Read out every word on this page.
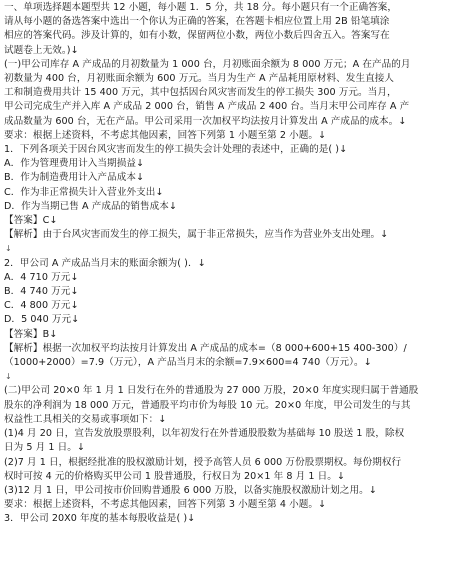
一、单项选择题本题型共 12 小题，每小题 1．5 分，共 18 分。每小题只有一个正确答案，
请从每小题的备选答案中选出一个你认为正确的答案，在答题卡相应位置上用 2B 铅笔填涂
相应的答案代码。涉及计算的，如有小数，保留两位小数，两位小数后四舍五入。答案写在
试题卷上无效。)↓
(一)甲公司库存 A 产成品的月初数量为 1 000 台，月初账面余额为 8 000 万元；A 在产品的月
初数量为 400 台，月初账面余额为 600 万元。当月为生产 A 产品耗用原材料、发生直接人
工和制造费用共计 15 400 万元，其中包括因台风灾害而发生的停工损失 300 万元。当月，
甲公司完成生产并入库 A 产成品 2 000 台，销售 A 产成品 2 400 台。当月末甲公司库存 A 产
成品数量为 600 台，无在产品。甲公司采用一次加权平均法按月计算发出 A 产成品的成本。↓
要求：根据上述资料，不考虑其他因素，回答下列第 1 小题至第 2 小题。↓
1．下列各项关于因台风灾害而发生的停工损失会计处理的表述中，正确的是( )↓
A．作为管理费用计入当期损益↓
B．作为制造费用计入产品成本↓
C．作为非正常损失计入营业外支出↓
D．作为当期已售 A 产成品的销售成本↓
【答案】C↓
【解析】由于台风灾害而发生的停工损失，属于非正常损失，应当作为营业外支出处理。↓
↓
2．甲公司 A 产成品当月末的账面余额为( )．↓
A．4 710 万元↓
B．4 740 万元↓
C．4 800 万元↓
D．5 040 万元↓
【答案】B↓
【解析】根据一次加权平均法按月计算发出 A 产成品的成本=（8 000+600+15 400-300）/
（1000+2000）=7.9（万元），A 产品当月末的余额=7.9×600=4 740（万元）。↓
↓
(二)甲公司 20×0 年 1 月 1 日发行在外的普通股为 27 000 万股，20×0 年度实现归属于普通股
股东的净利润为 18 000 万元，普通股平均市价为每股 10 元。20×0 年度，甲公司发生的与其
权益性工具相关的交易或事项如下：↓
(1)4 月 20 日，宣告发放股票股利，以年初发行在外普通股股数为基础每 10 股送 1 股，除权
日为 5 月 1 日。↓
(2)7 月 1 日，根据经批准的股权激励计划，授予高管人员 6 000 万份股票期权。每份期权行
权时可按 4 元的价格购买甲公司 1 股普通股，行权日为 20×1 年 8 月 1 日。↓
(3)12 月 1 日，甲公司按市价回购普通股 6 000 万股，以备实施股权激励计划之用。↓
要求：根据上述资料，不考虑其他因素，回答下列第 3 小题至第 4 小题。↓
3．甲公司 20X0 年度的基本每股收益是( )↓
